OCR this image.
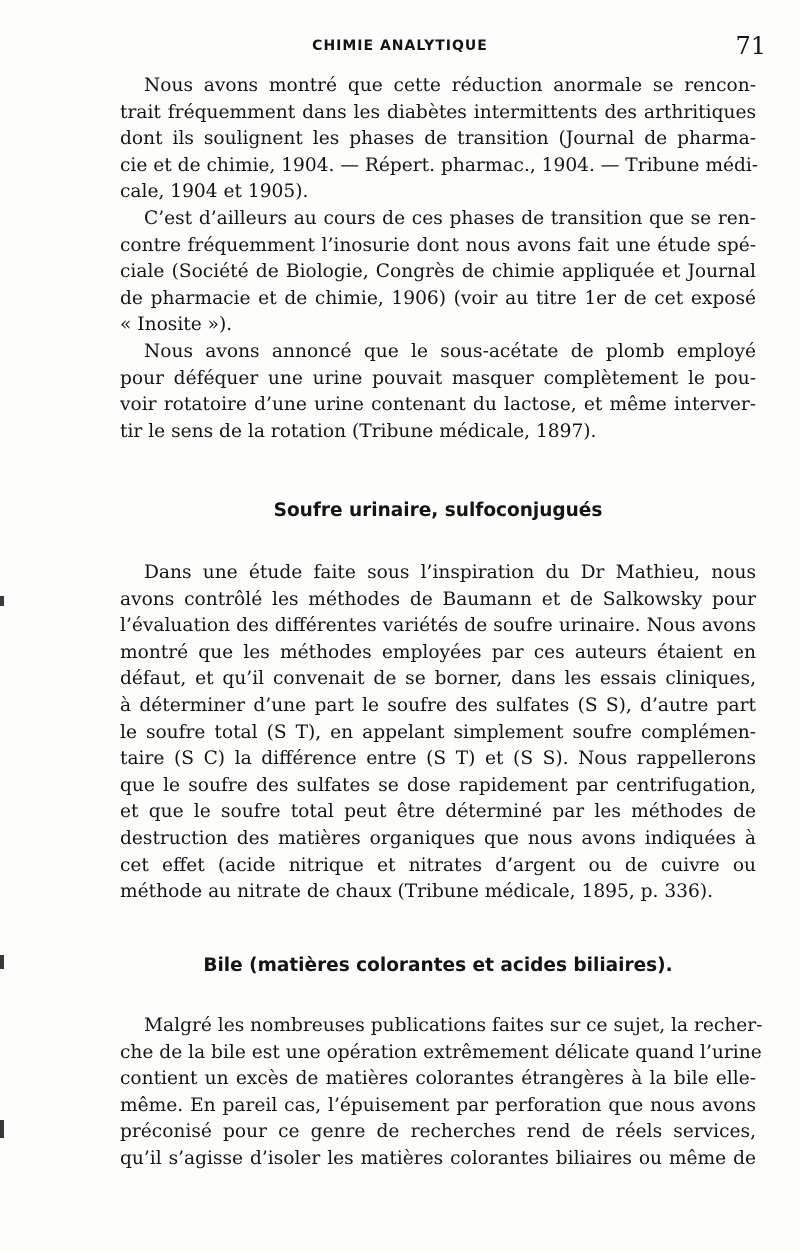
CHIMIE ANALYTIQUE	71
Nous avons montré que cette réduction anormale se rencon-
trait fréquemment dans les diabètes intermittents des arthritiques
dont ils soulignent les phases de transition (Journal de pharma-
cie et de chimie, 1904. — Répert. pharmac., 1904. — Tribune médi-
cale, 1904 et 1905).
C’est d’ailleurs au cours de ces phases de transition que se ren-
contre fréquemment l’inosurie dont nous avons fait une étude spé-
ciale (Société de Biologie, Congrès de chimie appliquée et Journal
de pharmacie et de chimie, 1906) (voir au titre 1er de cet exposé
« Inosite »).
Nous avons annoncé que le sous-acétate de plomb employé
pour déféquer une urine pouvait masquer complètement le pou-
voir rotatoire d’une urine contenant du lactose, et même interver-
tir le sens de la rotation (Tribune médicale, 1897).
Soufre urinaire, sulfoconjugués
Dans une étude faite sous l’inspiration du Dr Mathieu, nous
avons contrôlé les méthodes de Baumann et de Salkowsky pour
l’évaluation des différentes variétés de soufre urinaire. Nous avons
montré que les méthodes employées par ces auteurs étaient en
défaut, et qu’il convenait de se borner, dans les essais cliniques,
à déterminer d’une part le soufre des sulfates (S S), d’autre part
le soufre total (S T), en appelant simplement soufre complémen-
taire (S C) la différence entre (S T) et (S S). Nous rappellerons
que le soufre des sulfates se dose rapidement par centrifugation,
et que le soufre total peut être déterminé par les méthodes de
destruction des matières organiques que nous avons indiquées à
cet effet (acide nitrique et nitrates d’argent ou de cuivre ou
méthode au nitrate de chaux (Tribune médicale, 1895, p. 336).
Bile (matières colorantes et acides biliaires).
Malgré les nombreuses publications faites sur ce sujet, la recher-
che de la bile est une opération extrêmement délicate quand l’urine
contient un excès de matières colorantes étrangères à la bile elle-
même. En pareil cas, l’épuisement par perforation que nous avons
préconisé pour ce genre de recherches rend de réels services,
qu’il s’agisse d’isoler les matières colorantes biliaires ou même de
